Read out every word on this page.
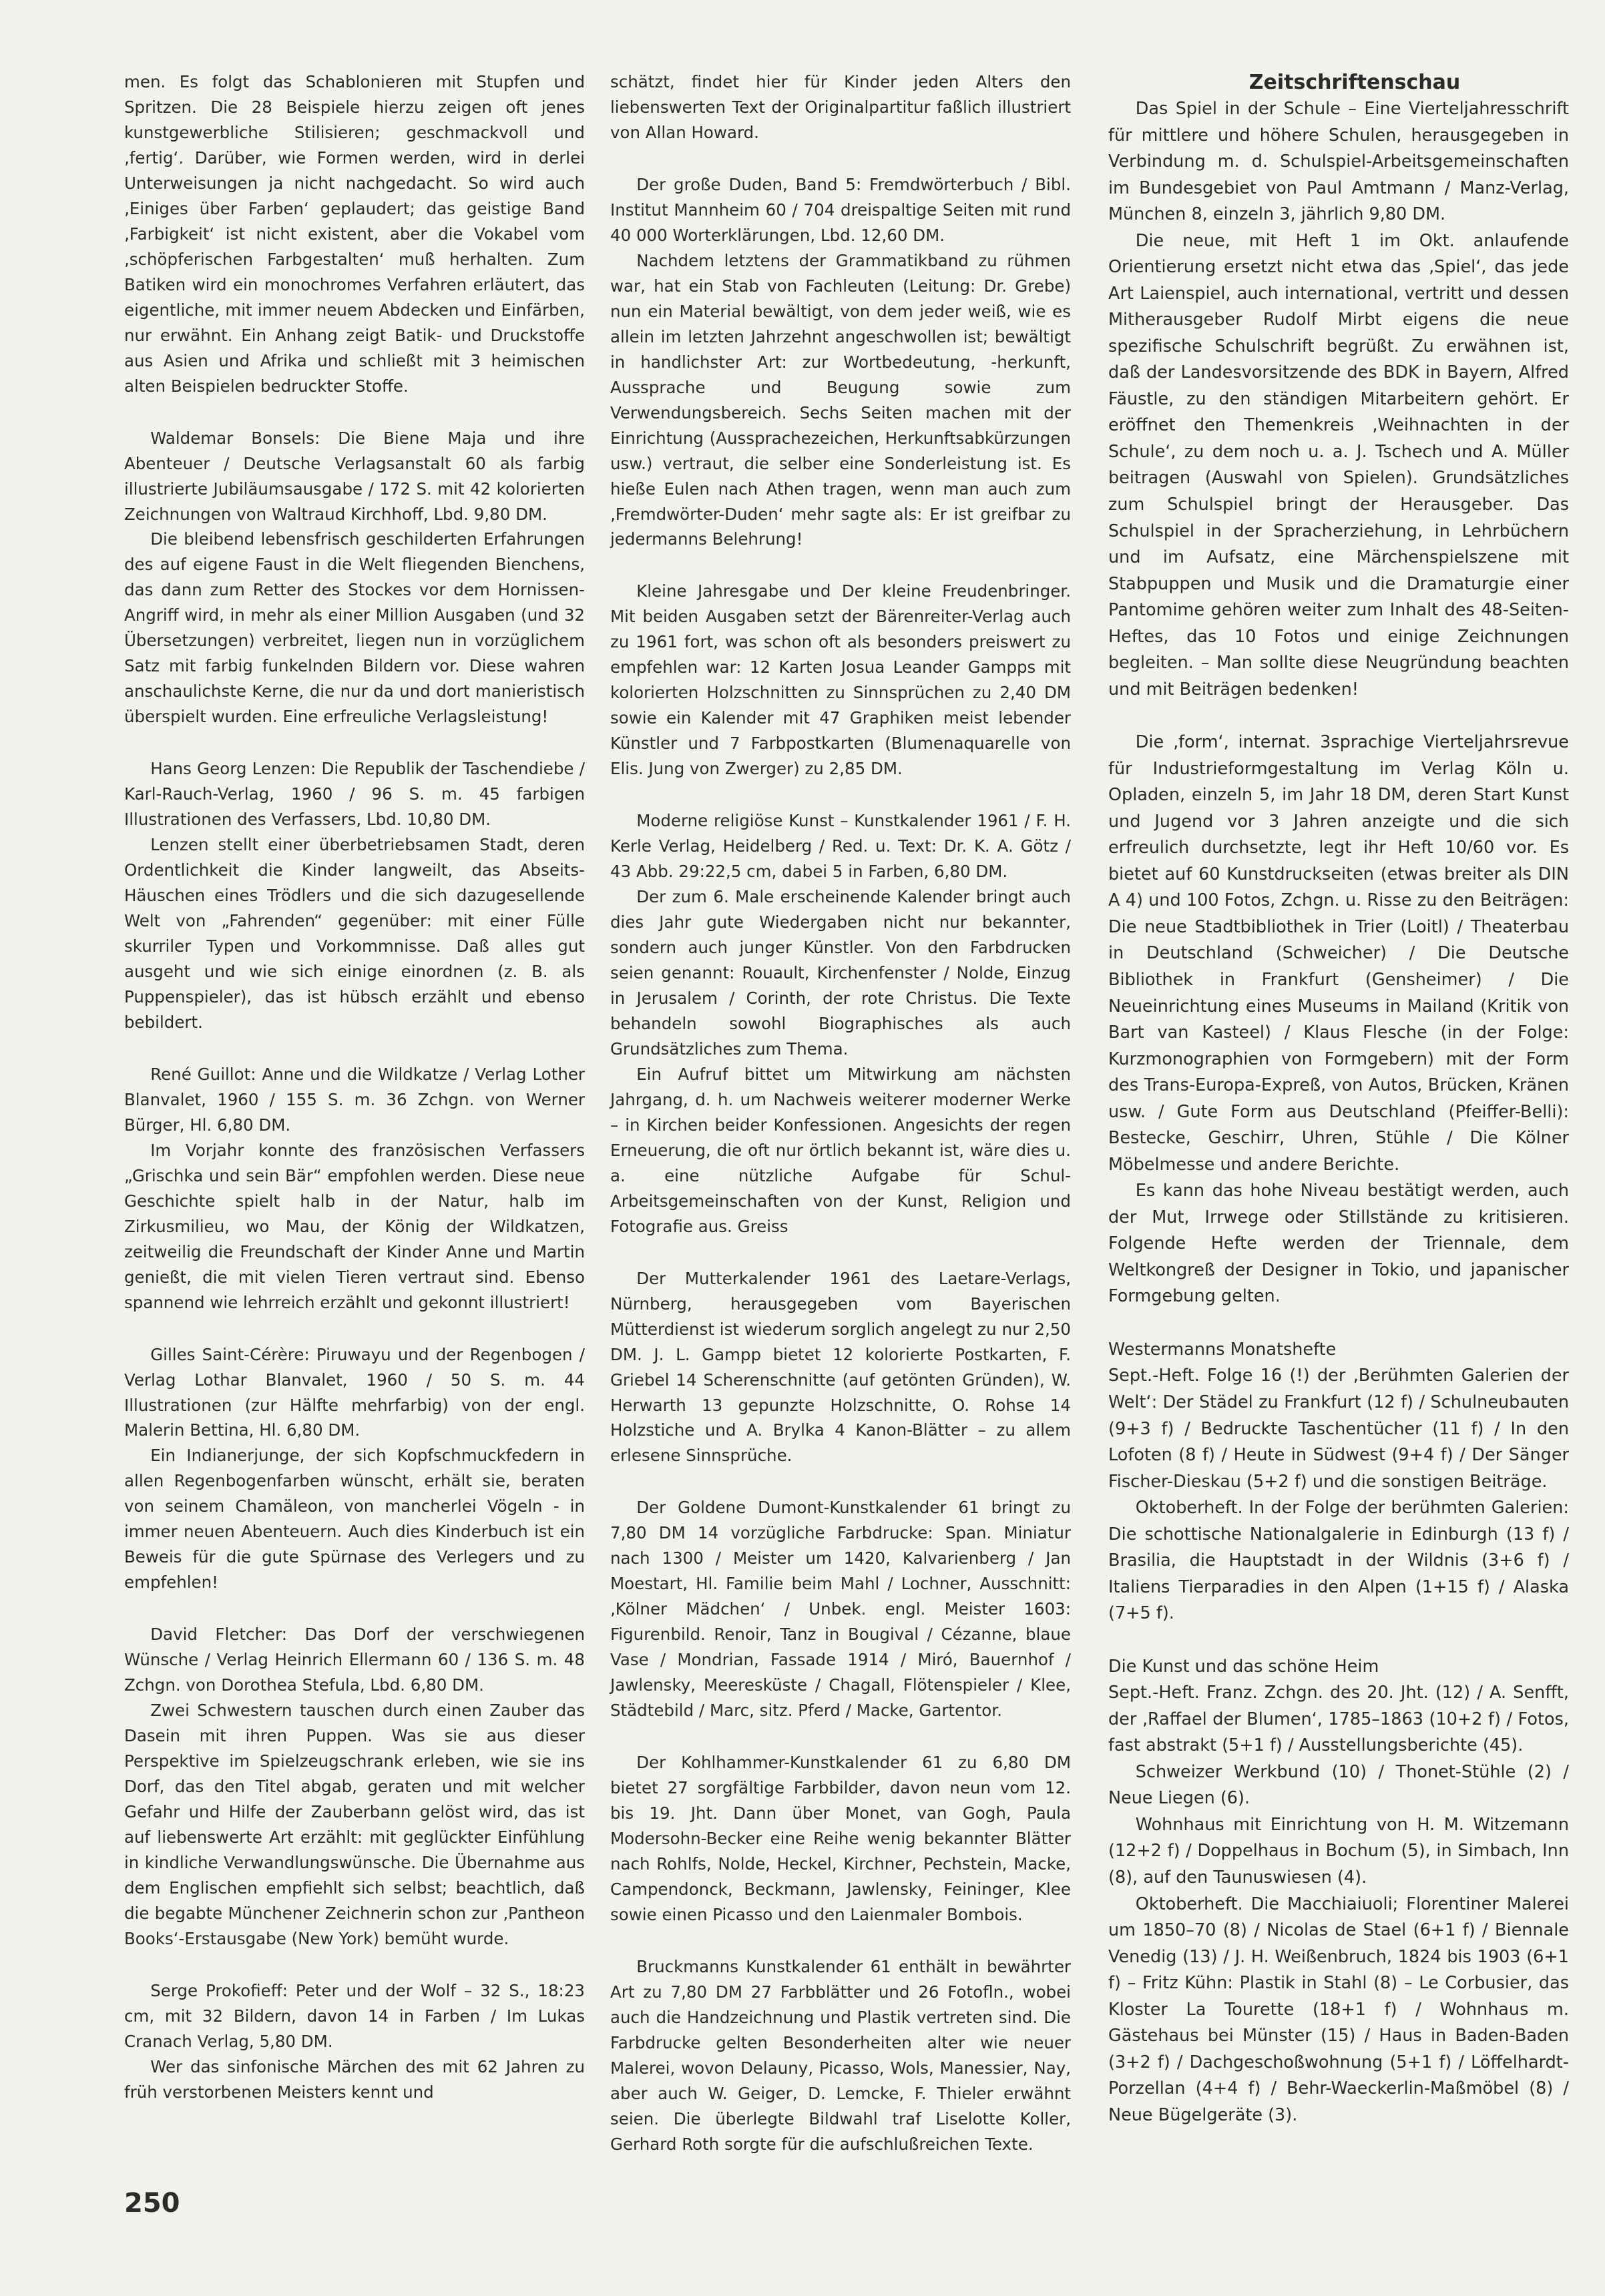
men. Es folgt das Schablonieren mit Stupfen und Spritzen. Die 28 Beispiele hierzu zeigen oft jenes kunstgewerbliche Stilisieren; geschmackvoll und ‚fertig‘. Darüber, wie Formen werden, wird in derlei Unterweisungen ja nicht nachgedacht. So wird auch ‚Einiges über Farben‘ geplaudert; das geistige Band ‚Farbigkeit‘ ist nicht existent, aber die Vokabel vom ‚schöpferischen Farbgestalten‘ muß herhalten. Zum Batiken wird ein monochromes Verfahren erläutert, das eigentliche, mit immer neuem Abdecken und Einfärben, nur erwähnt. Ein Anhang zeigt Batik- und Druckstoffe aus Asien und Afrika und schließt mit 3 heimischen alten Beispielen bedruckter Stoffe.

Waldemar Bonsels: Die Biene Maja und ihre Abenteuer / Deutsche Verlagsanstalt 60 als farbig illustrierte Jubiläumsausgabe / 172 S. mit 42 kolorierten Zeichnungen von Waltraud Kirchhoff, Lbd. 9,80 DM.

Die bleibend lebensfrisch geschilderten Erfahrungen des auf eigene Faust in die Welt fliegenden Bienchens, das dann zum Retter des Stockes vor dem Hornissen-Angriff wird, in mehr als einer Million Ausgaben (und 32 Übersetzungen) verbreitet, liegen nun in vorzüglichem Satz mit farbig funkelnden Bildern vor. Diese wahren anschaulichste Kerne, die nur da und dort manieristisch überspielt wurden. Eine erfreuliche Verlagsleistung!

Hans Georg Lenzen: Die Republik der Taschendiebe / Karl-Rauch-Verlag, 1960 / 96 S. m. 45 farbigen Illustrationen des Verfassers, Lbd. 10,80 DM.

Lenzen stellt einer überbetriebsamen Stadt, deren Ordentlichkeit die Kinder langweilt, das Abseits-Häuschen eines Trödlers und die sich dazugesellende Welt von „Fahrenden“ gegenüber: mit einer Fülle skurriler Typen und Vorkommnisse. Daß alles gut ausgeht und wie sich einige einordnen (z. B. als Puppenspieler), das ist hübsch erzählt und ebenso bebildert.

René Guillot: Anne und die Wildkatze / Verlag Lother Blanvalet, 1960 / 155 S. m. 36 Zchgn. von Werner Bürger, Hl. 6,80 DM.

Im Vorjahr konnte des französischen Verfassers „Grischka und sein Bär“ empfohlen werden. Diese neue Geschichte spielt halb in der Natur, halb im Zirkusmilieu, wo Mau, der König der Wildkatzen, zeitweilig die Freundschaft der Kinder Anne und Martin genießt, die mit vielen Tieren vertraut sind. Ebenso spannend wie lehrreich erzählt und gekonnt illustriert!

Gilles Saint-Cérère: Piruwayu und der Regenbogen / Verlag Lothar Blanvalet, 1960 / 50 S. m. 44 Illustrationen (zur Hälfte mehrfarbig) von der engl. Malerin Bettina, Hl. 6,80 DM.

Ein Indianerjunge, der sich Kopfschmuckfedern in allen Regenbogenfarben wünscht, erhält sie, beraten von seinem Chamäleon, von mancherlei Vögeln - in immer neuen Abenteuern. Auch dies Kinderbuch ist ein Beweis für die gute Spürnase des Verlegers und zu empfehlen!

David Fletcher: Das Dorf der verschwiegenen Wünsche / Verlag Heinrich Ellermann 60 / 136 S. m. 48 Zchgn. von Dorothea Stefula, Lbd. 6,80 DM.

Zwei Schwestern tauschen durch einen Zauber das Dasein mit ihren Puppen. Was sie aus dieser Perspektive im Spielzeugschrank erleben, wie sie ins Dorf, das den Titel abgab, geraten und mit welcher Gefahr und Hilfe der Zauberbann gelöst wird, das ist auf liebenswerte Art erzählt: mit geglückter Einfühlung in kindliche Verwandlungswünsche. Die Übernahme aus dem Englischen empfiehlt sich selbst; beachtlich, daß die begabte Münchener Zeichnerin schon zur ‚Pantheon Books‘-Erstausgabe (New York) bemüht wurde.

Serge Prokofieff: Peter und der Wolf – 32 S., 18:23 cm, mit 32 Bildern, davon 14 in Farben / Im Lukas Cranach Verlag, 5,80 DM.

Wer das sinfonische Märchen des mit 62 Jahren zu früh verstorbenen Meisters kennt und

schätzt, findet hier für Kinder jeden Alters den liebenswerten Text der Originalpartitur faßlich illustriert von Allan Howard.

Der große Duden, Band 5: Fremdwörterbuch / Bibl. Institut Mannheim 60 / 704 dreispaltige Seiten mit rund 40 000 Worterklärungen, Lbd. 12,60 DM.

Nachdem letztens der Grammatikband zu rühmen war, hat ein Stab von Fachleuten (Leitung: Dr. Grebe) nun ein Material bewältigt, von dem jeder weiß, wie es allein im letzten Jahrzehnt angeschwollen ist; bewältigt in handlichster Art: zur Wortbedeutung, -herkunft, Aussprache und Beugung sowie zum Verwendungsbereich. Sechs Seiten machen mit der Einrichtung (Aussprachezeichen, Herkunftsabkürzungen usw.) vertraut, die selber eine Sonderleistung ist. Es hieße Eulen nach Athen tragen, wenn man auch zum ‚Fremdwörter-Duden‘ mehr sagte als: Er ist greifbar zu jedermanns Belehrung!

Kleine Jahresgabe und Der kleine Freudenbringer. Mit beiden Ausgaben setzt der Bärenreiter-Verlag auch zu 1961 fort, was schon oft als besonders preiswert zu empfehlen war: 12 Karten Josua Leander Gampps mit kolorierten Holzschnitten zu Sinnsprüchen zu 2,40 DM sowie ein Kalender mit 47 Graphiken meist lebender Künstler und 7 Farbpostkarten (Blumenaquarelle von Elis. Jung von Zwerger) zu 2,85 DM.

Moderne religiöse Kunst – Kunstkalender 1961 / F. H. Kerle Verlag, Heidelberg / Red. u. Text: Dr. K. A. Götz / 43 Abb. 29:22,5 cm, dabei 5 in Farben, 6,80 DM.

Der zum 6. Male erscheinende Kalender bringt auch dies Jahr gute Wiedergaben nicht nur bekannter, sondern auch junger Künstler. Von den Farbdrucken seien genannt: Rouault, Kirchenfenster / Nolde, Einzug in Jerusalem / Corinth, der rote Christus. Die Texte behandeln sowohl Biographisches als auch Grundsätzliches zum Thema.

Ein Aufruf bittet um Mitwirkung am nächsten Jahrgang, d. h. um Nachweis weiterer moderner Werke – in Kirchen beider Konfessionen. Angesichts der regen Erneuerung, die oft nur örtlich bekannt ist, wäre dies u. a. eine nützliche Aufgabe für Schul-Arbeitsgemeinschaften von der Kunst, Religion und Fotografie aus. Greiss

Der Mutterkalender 1961 des Laetare-Verlags, Nürnberg, herausgegeben vom Bayerischen Mütterdienst ist wiederum sorglich angelegt zu nur 2,50 DM. J. L. Gampp bietet 12 kolorierte Postkarten, F. Griebel 14 Scherenschnitte (auf getönten Gründen), W. Herwarth 13 gepunzte Holzschnitte, O. Rohse 14 Holzstiche und A. Brylka 4 Kanon-Blätter – zu allem erlesene Sinnsprüche.

Der Goldene Dumont-Kunstkalender 61 bringt zu 7,80 DM 14 vorzügliche Farbdrucke: Span. Miniatur nach 1300 / Meister um 1420, Kalvarienberg / Jan Moestart, Hl. Familie beim Mahl / Lochner, Ausschnitt: ‚Kölner Mädchen‘ / Unbek. engl. Meister 1603: Figurenbild. Renoir, Tanz in Bougival / Cézanne, blaue Vase / Mondrian, Fassade 1914 / Miró, Bauernhof / Jawlensky, Meeresküste / Chagall, Flötenspieler / Klee, Städtebild / Marc, sitz. Pferd / Macke, Gartentor.

Der Kohlhammer-Kunstkalender 61 zu 6,80 DM bietet 27 sorgfältige Farbbilder, davon neun vom 12. bis 19. Jht. Dann über Monet, van Gogh, Paula Modersohn-Becker eine Reihe wenig bekannter Blätter nach Rohlfs, Nolde, Heckel, Kirchner, Pechstein, Macke, Campendonck, Beckmann, Jawlensky, Feininger, Klee sowie einen Picasso und den Laienmaler Bombois.

Bruckmanns Kunstkalender 61 enthält in bewährter Art zu 7,80 DM 27 Farbblätter und 26 Fotofln., wobei auch die Handzeichnung und Plastik vertreten sind. Die Farbdrucke gelten Besonderheiten alter wie neuer Malerei, wovon Delauny, Picasso, Wols, Manessier, Nay, aber auch W. Geiger, D. Lemcke, F. Thieler erwähnt seien. Die überlegte Bildwahl traf Liselotte Koller, Gerhard Roth sorgte für die aufschlußreichen Texte.

Zeitschriftenschau

Das Spiel in der Schule – Eine Vierteljahresschrift für mittlere und höhere Schulen, herausgegeben in Verbindung m. d. Schulspiel-Arbeitsgemeinschaften im Bundesgebiet von Paul Amtmann / Manz-Verlag, München 8, einzeln 3, jährlich 9,80 DM.

Die neue, mit Heft 1 im Okt. anlaufende Orientierung ersetzt nicht etwa das ‚Spiel‘, das jede Art Laienspiel, auch international, vertritt und dessen Mitherausgeber Rudolf Mirbt eigens die neue spezifische Schulschrift begrüßt. Zu erwähnen ist, daß der Landesvorsitzende des BDK in Bayern, Alfred Fäustle, zu den ständigen Mitarbeitern gehört. Er eröffnet den Themenkreis ‚Weihnachten in der Schule‘, zu dem noch u. a. J. Tschech und A. Müller beitragen (Auswahl von Spielen). Grundsätzliches zum Schulspiel bringt der Herausgeber. Das Schulspiel in der Spracherziehung, in Lehrbüchern und im Aufsatz, eine Märchenspielszene mit Stabpuppen und Musik und die Dramaturgie einer Pantomime gehören weiter zum Inhalt des 48-Seiten-Heftes, das 10 Fotos und einige Zeichnungen begleiten. – Man sollte diese Neugründung beachten und mit Beiträgen bedenken!

Die ‚form‘, internat. 3sprachige Vierteljahrsrevue für Industrieformgestaltung im Verlag Köln u. Opladen, einzeln 5, im Jahr 18 DM, deren Start Kunst und Jugend vor 3 Jahren anzeigte und die sich erfreulich durchsetzte, legt ihr Heft 10/60 vor. Es bietet auf 60 Kunstdruckseiten (etwas breiter als DIN A 4) und 100 Fotos, Zchgn. u. Risse zu den Beiträgen: Die neue Stadtbibliothek in Trier (Loitl) / Theaterbau in Deutschland (Schweicher) / Die Deutsche Bibliothek in Frankfurt (Gensheimer) / Die Neueinrichtung eines Museums in Mailand (Kritik von Bart van Kasteel) / Klaus Flesche (in der Folge: Kurzmonographien von Formgebern) mit der Form des Trans-Europa-Expreß, von Autos, Brücken, Kränen usw. / Gute Form aus Deutschland (Pfeiffer-Belli): Bestecke, Geschirr, Uhren, Stühle / Die Kölner Möbelmesse und andere Berichte.

Es kann das hohe Niveau bestätigt werden, auch der Mut, Irrwege oder Stillstände zu kritisieren. Folgende Hefte werden der Triennale, dem Weltkongreß der Designer in Tokio, und japanischer Formgebung gelten.

Westermanns Monatshefte

Sept.-Heft. Folge 16 (!) der ‚Berühmten Galerien der Welt‘: Der Städel zu Frankfurt (12 f) / Schulneubauten (9+3 f) / Bedruckte Taschentücher (11 f) / In den Lofoten (8 f) / Heute in Südwest (9+4 f) / Der Sänger Fischer-Dieskau (5+2 f) und die sonstigen Beiträge.

Oktoberheft. In der Folge der berühmten Galerien: Die schottische Nationalgalerie in Edinburgh (13 f) / Brasilia, die Hauptstadt in der Wildnis (3+6 f) / Italiens Tierparadies in den Alpen (1+15 f) / Alaska (7+5 f).

Die Kunst und das schöne Heim

Sept.-Heft. Franz. Zchgn. des 20. Jht. (12) / A. Senfft, der ‚Raffael der Blumen‘, 1785–1863 (10+2 f) / Fotos, fast abstrakt (5+1 f) / Ausstellungsberichte (45).

Schweizer Werkbund (10) / Thonet-Stühle (2) / Neue Liegen (6).

Wohnhaus mit Einrichtung von H. M. Witzemann (12+2 f) / Doppelhaus in Bochum (5), in Simbach, Inn (8), auf den Taunuswiesen (4).

Oktoberheft. Die Macchiaiuoli; Florentiner Malerei um 1850–70 (8) / Nicolas de Stael (6+1 f) / Biennale Venedig (13) / J. H. Weißenbruch, 1824 bis 1903 (6+1 f) – Fritz Kühn: Plastik in Stahl (8) – Le Corbusier, das Kloster La Tourette (18+1 f) / Wohnhaus m. Gästehaus bei Münster (15) / Haus in Baden-Baden (3+2 f) / Dachgeschoßwohnung (5+1 f) / Löffelhardt-Porzellan (4+4 f) / Behr-Waeckerlin-Maßmöbel (8) / Neue Bügelgeräte (3).

250
